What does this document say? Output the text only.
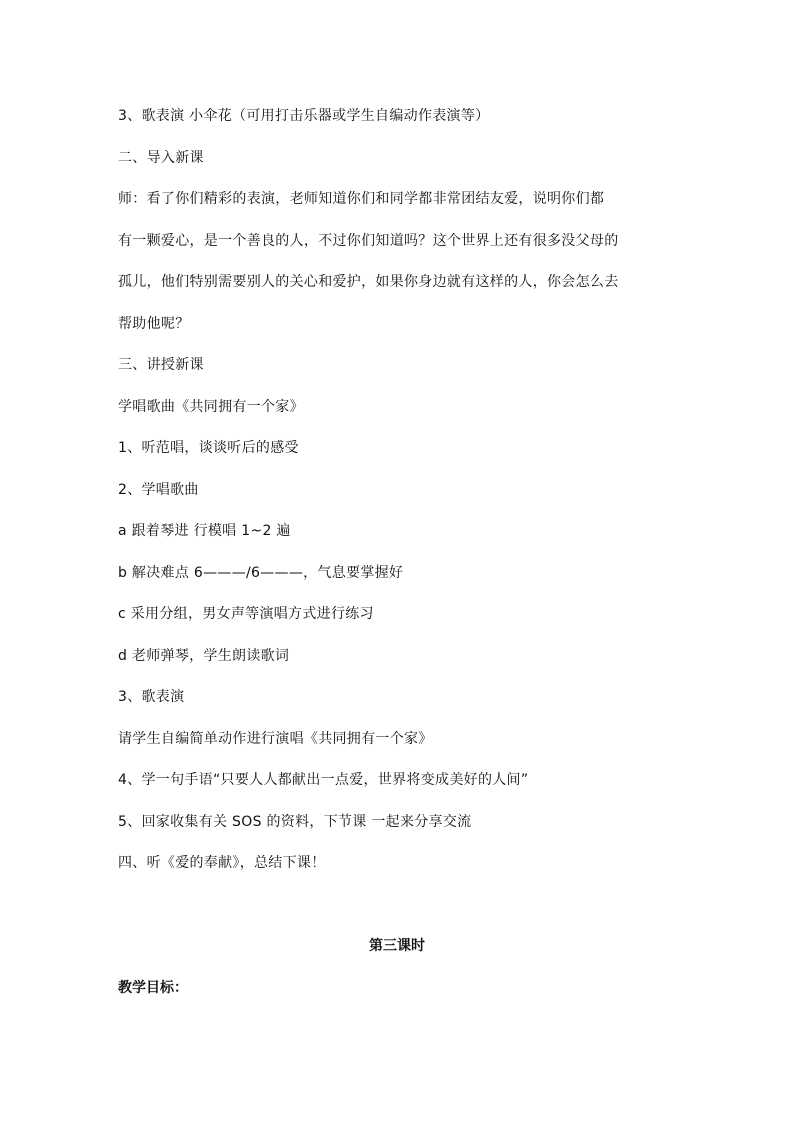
3、歌表演 小伞花（可用打击乐器或学生自编动作表演等）
二、导入新课
师：看了你们精彩的表演，老师知道你们和同学都非常团结友爱，说明你们都
有一颗爱心，是一个善良的人，不过你们知道吗？这个世界上还有很多没父母的
孤儿，他们特别需要别人的关心和爱护，如果你身边就有这样的人，你会怎么去
帮助他呢？
三、讲授新课
学唱歌曲《共同拥有一个家》
1、听范唱，谈谈听后的感受
2、学唱歌曲
a 跟着琴进 行模唱 1~2 遍
b 解决难点 6———/6———，气息要掌握好
c 采用分组，男女声等演唱方式进行练习
d 老师弹琴，学生朗读歌词
3、歌表演
请学生自编简单动作进行演唱《共同拥有一个家》
4、学一句手语“只要人人都献出一点爱，世界将变成美好的人间”
5、回家收集有关 SOS 的资料，下节课 一起来分享交流
四、听《爱的奉献》，总结下课！
第三课时
教学目标：
